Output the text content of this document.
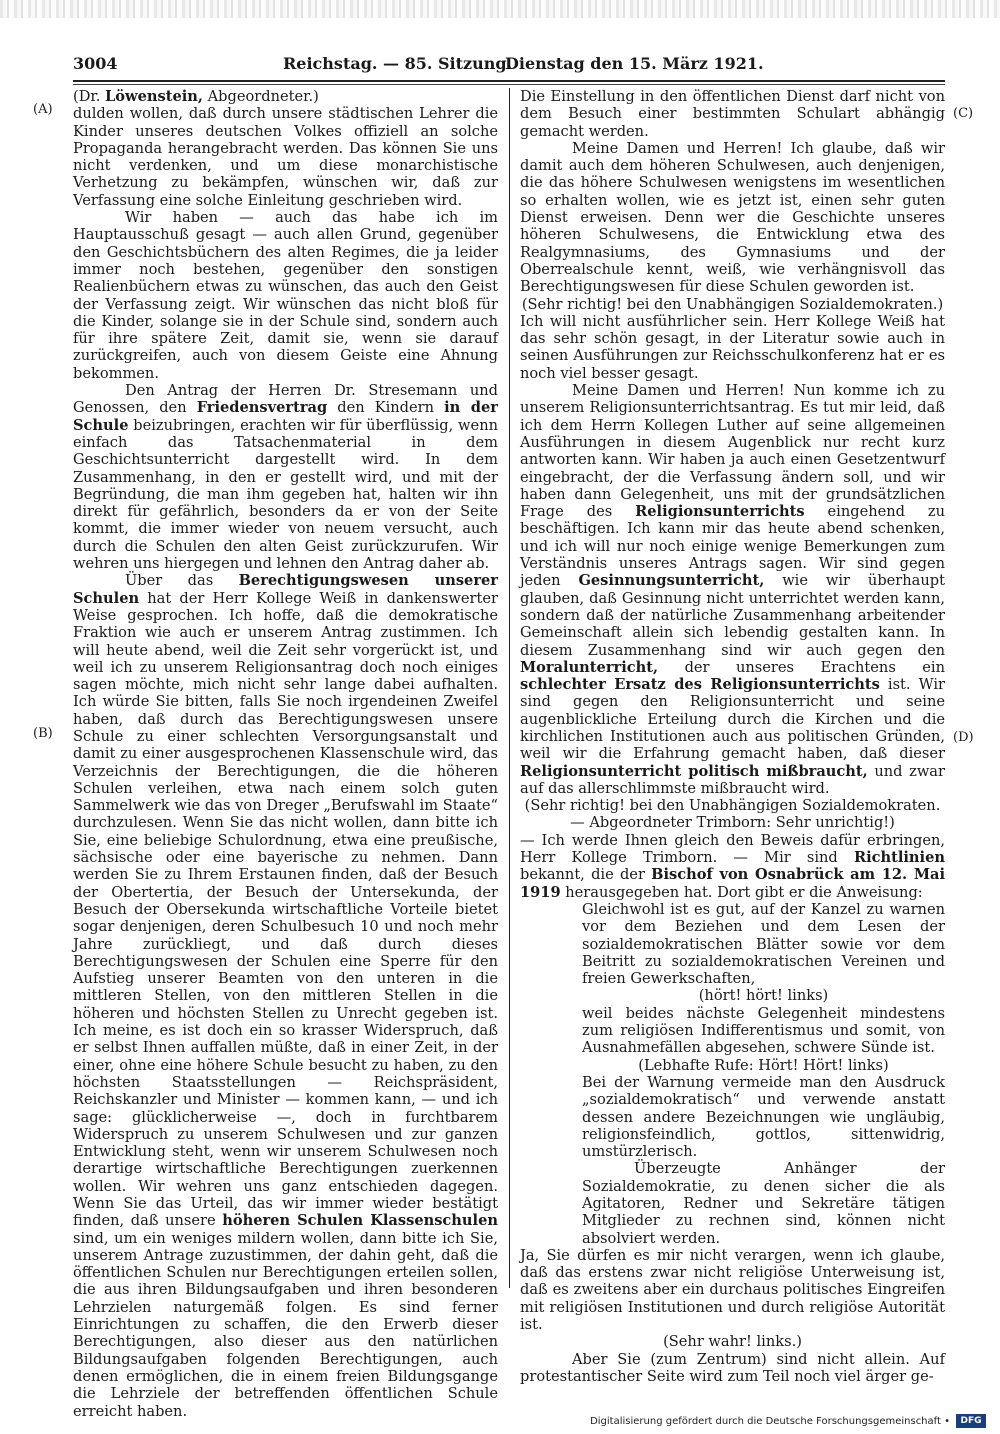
3004	Reichstag. — 85. Sitzung.
Dienstag den 15. März 1921.
(A)
(B)
(C)
(D)

(Dr. Löwenstein, Abgeordneter.)

dulden wollen, daß durch unsere städtischen Lehrer die Kinder unseres deutschen Volkes offiziell an solche Propaganda herangebracht werden. Das können Sie uns nicht verdenken, und um diese monarchistische Verhetzung zu bekämpfen, wünschen wir, daß zur Verfassung eine solche Einleitung geschrieben wird.

Wir haben — auch das habe ich im Hauptausschuß gesagt — auch allen Grund, gegenüber den Geschichtsbüchern des alten Regimes, die ja leider immer noch bestehen, gegenüber den sonstigen Realienbüchern etwas zu wünschen, das auch den Geist der Verfassung zeigt. Wir wünschen das nicht bloß für die Kinder, solange sie in der Schule sind, sondern auch für ihre spätere Zeit, damit sie, wenn sie darauf zurückgreifen, auch von diesem Geiste eine Ahnung bekommen.

Den Antrag der Herren Dr. Stresemann und Genossen, den Friedensvertrag den Kindern in der Schule beizubringen, erachten wir für überflüssig, wenn einfach das Tatsachenmaterial in dem Geschichtsunterricht dargestellt wird. In dem Zusammenhang, in den er gestellt wird, und mit der Begründung, die man ihm gegeben hat, halten wir ihn direkt für gefährlich, besonders da er von der Seite kommt, die immer wieder von neuem versucht, auch durch die Schulen den alten Geist zurückzurufen. Wir wehren uns hiergegen und lehnen den Antrag daher ab.

Über das Berechtigungswesen unserer Schulen hat der Herr Kollege Weiß in dankenswerter Weise gesprochen. Ich hoffe, daß die demokratische Fraktion wie auch er unserem Antrag zustimmen. Ich will heute abend, weil die Zeit sehr vorgerückt ist, und weil ich zu unserem Religionsantrag doch noch einiges sagen möchte, mich nicht sehr lange dabei aufhalten. Ich würde Sie bitten, falls Sie noch irgendeinen Zweifel haben, daß durch das Berechtigungswesen unsere Schule zu einer schlechten Versorgungsanstalt und damit zu einer ausgesprochenen Klassenschule wird, das Verzeichnis der Berechtigungen, die die höheren Schulen verleihen, etwa nach einem solch guten Sammelwerk wie das von Dreger „Berufswahl im Staate“ durchzulesen. Wenn Sie das nicht wollen, dann bitte ich Sie, eine beliebige Schulordnung, etwa eine preußische, sächsische oder eine bayerische zu nehmen. Dann werden Sie zu Ihrem Erstaunen finden, daß der Besuch der Obertertia, der Besuch der Untersekunda, der Besuch der Obersekunda wirtschaftliche Vorteile bietet sogar denjenigen, deren Schulbesuch 10 und noch mehr Jahre zurückliegt, und daß durch dieses Berechtigungswesen der Schulen eine Sperre für den Aufstieg unserer Beamten von den unteren in die mittleren Stellen, von den mittleren Stellen in die höheren und höchsten Stellen zu Unrecht gegeben ist. Ich meine, es ist doch ein so krasser Widerspruch, daß er selbst Ihnen auffallen müßte, daß in einer Zeit, in der einer, ohne eine höhere Schule besucht zu haben, zu den höchsten Staatsstellungen — Reichspräsident, Reichskanzler und Minister — kommen kann, — und ich sage: glücklicherweise —, doch in furchtbarem Widerspruch zu unserem Schulwesen und zur ganzen Entwicklung steht, wenn wir unserem Schulwesen noch derartige wirtschaftliche Berechtigungen zuerkennen wollen. Wir wehren uns ganz entschieden dagegen. Wenn Sie das Urteil, das wir immer wieder bestätigt finden, daß unsere höheren Schulen Klassenschulen sind, um ein weniges mildern wollen, dann bitte ich Sie, unserem Antrage zuzustimmen, der dahin geht, daß die öffentlichen Schulen nur Berechtigungen erteilen sollen, die aus ihren Bildungsaufgaben und ihren besonderen Lehrzielen naturgemäß folgen. Es sind ferner Einrichtungen zu schaffen, die den Erwerb dieser Berechtigungen, also dieser aus den natürlichen Bildungsaufgaben folgenden Berechtigungen, auch denen ermöglichen, die in einem freien Bildungsgange die Lehrziele der betreffenden öffentlichen Schule erreicht haben.

Die Einstellung in den öffentlichen Dienst darf nicht von dem Besuch einer bestimmten Schulart abhängig gemacht werden.

Meine Damen und Herren! Ich glaube, daß wir damit auch dem höheren Schulwesen, auch denjenigen, die das höhere Schulwesen wenigstens im wesentlichen so erhalten wollen, wie es jetzt ist, einen sehr guten Dienst erweisen. Denn wer die Geschichte unseres höheren Schulwesens, die Entwicklung etwa des Realgymnasiums, des Gymnasiums und der Oberrealschule kennt, weiß, wie verhängnisvoll das Berechtigungswesen für diese Schulen geworden ist.

(Sehr richtig! bei den Unabhängigen Sozialdemokraten.)

Ich will nicht ausführlicher sein. Herr Kollege Weiß hat das sehr schön gesagt, in der Literatur sowie auch in seinen Ausführungen zur Reichsschulkonferenz hat er es noch viel besser gesagt.

Meine Damen und Herren! Nun komme ich zu unserem Religionsunterrichtsantrag. Es tut mir leid, daß ich dem Herrn Kollegen Luther auf seine allgemeinen Ausführungen in diesem Augenblick nur recht kurz antworten kann. Wir haben ja auch einen Gesetzentwurf eingebracht, der die Verfassung ändern soll, und wir haben dann Gelegenheit, uns mit der grundsätzlichen Frage des Religionsunterrichts eingehend zu beschäftigen. Ich kann mir das heute abend schenken, und ich will nur noch einige wenige Bemerkungen zum Verständnis unseres Antrags sagen. Wir sind gegen jeden Gesinnungsunterricht, wie wir überhaupt glauben, daß Gesinnung nicht unterrichtet werden kann, sondern daß der natürliche Zusammenhang arbeitender Gemeinschaft allein sich lebendig gestalten kann. In diesem Zusammenhang sind wir auch gegen den Moralunterricht, der unseres Erachtens ein schlechter Ersatz des Religionsunterrichts ist. Wir sind gegen den Religionsunterricht und seine augenblickliche Erteilung durch die Kirchen und die kirchlichen Institutionen auch aus politischen Gründen, weil wir die Erfahrung gemacht haben, daß dieser Religionsunterricht politisch mißbraucht, und zwar auf das allerschlimmste mißbraucht wird.

(Sehr richtig! bei den Unabhängigen Sozialdemokraten.

— Abgeordneter Trimborn: Sehr unrichtig!)

— Ich werde Ihnen gleich den Beweis dafür erbringen, Herr Kollege Trimborn. — Mir sind Richtlinien bekannt, die der Bischof von Osnabrück am 12. Mai 1919 herausgegeben hat. Dort gibt er die Anweisung:

Gleichwohl ist es gut, auf der Kanzel zu warnen vor dem Beziehen und dem Lesen der sozialdemokratischen Blätter sowie vor dem Beitritt zu sozialdemokratischen Vereinen und freien Gewerkschaften,

(hört! hört! links)

weil beides nächste Gelegenheit mindestens zum religiösen Indifferentismus und somit, von Ausnahmefällen abgesehen, schwere Sünde ist.

(Lebhafte Rufe: Hört! Hört! links)

Bei der Warnung vermeide man den Ausdruck „sozialdemokratisch“ und verwende anstatt dessen andere Bezeichnungen wie ungläubig, religionsfeindlich, gottlos, sittenwidrig, umstürzlerisch.

Überzeugte Anhänger der Sozialdemokratie, zu denen sicher die als Agitatoren, Redner und Sekretäre tätigen Mitglieder zu rechnen sind, können nicht absolviert werden.

Ja, Sie dürfen es mir nicht verargen, wenn ich glaube, daß das erstens zwar nicht religiöse Unterweisung ist, daß es zweitens aber ein durchaus politisches Eingreifen mit religiösen Institutionen und durch religiöse Autorität ist.

(Sehr wahr! links.)

Aber Sie (zum Zentrum) sind nicht allein. Auf protestantischer Seite wird zum Teil noch viel ärger ge-

Digitalisierung gefördert durch die Deutsche Forschungsgemeinschaft •	DFG
